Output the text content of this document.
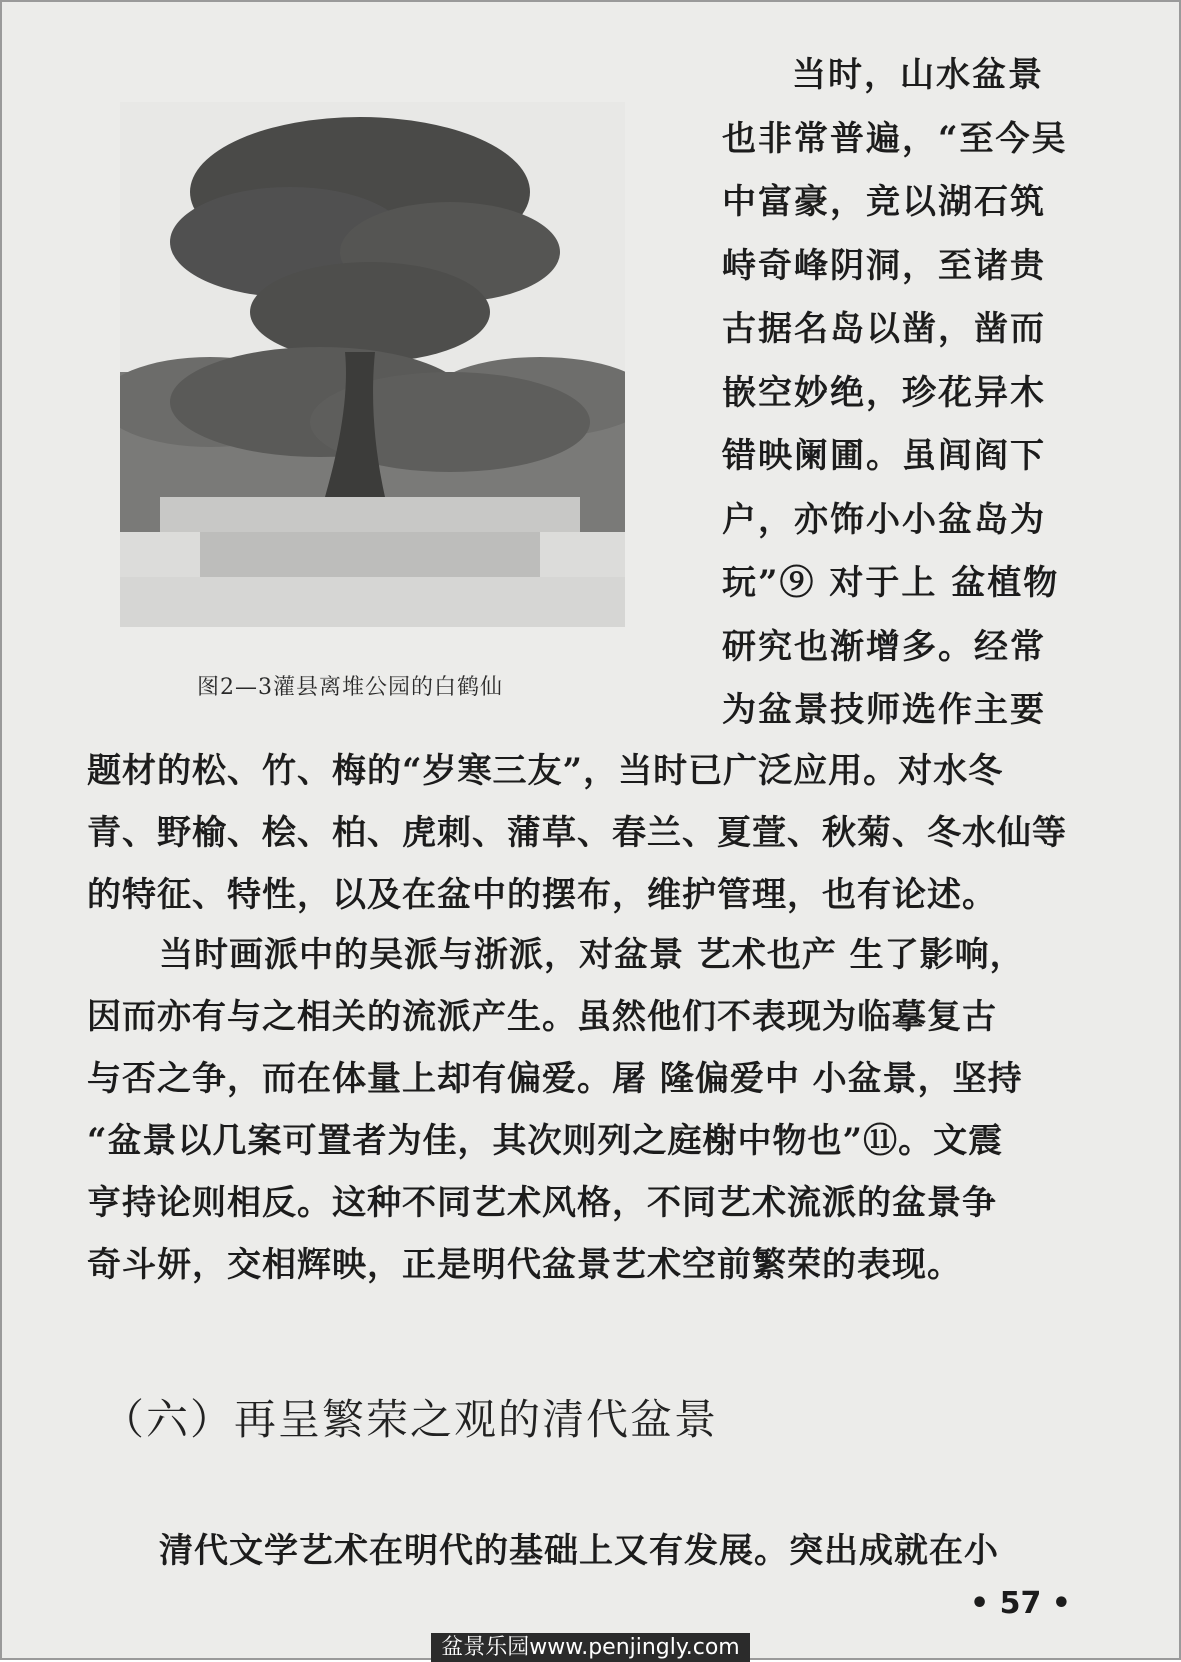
图2—3灌县离堆公园的白鹤仙
当时，山水盆景
也非常普遍，“至今吴
中富豪，竞以湖石筑
峙奇峰阴洞，至诸贵
古据名岛以凿，凿而
嵌空妙绝，珍花异木
错映阑圃。虽闾阎下
户，亦饰小小盆岛为
玩”⑨ 对于上 盆植物
研究也渐增多。经常
为盆景技师选作主要
题材的松、竹、梅的“岁寒三友”，当时已广泛应用。对水冬
青、野榆、桧、柏、虎刺、蒲草、春兰、夏萱、秋菊、冬水仙等
的特征、特性，以及在盆中的摆布，维护管理，也有论述。
当时画派中的吴派与浙派，对盆景 艺术也产 生了影响，
因而亦有与之相关的流派产生。虽然他们不表现为临摹复古
与否之争，而在体量上却有偏爱。屠 隆偏爱中 小盆景，坚持
“盆景以几案可置者为佳，其次则列之庭榭中物也”⑪。文震
亨持论则相反。这种不同艺术风格，不同艺术流派的盆景争
奇斗妍，交相辉映，正是明代盆景艺术空前繁荣的表现。
（六）再呈繁荣之观的清代盆景
清代文学艺术在明代的基础上又有发展。突出成就在小
• 57 •
盆景乐园www.penjingly.com
